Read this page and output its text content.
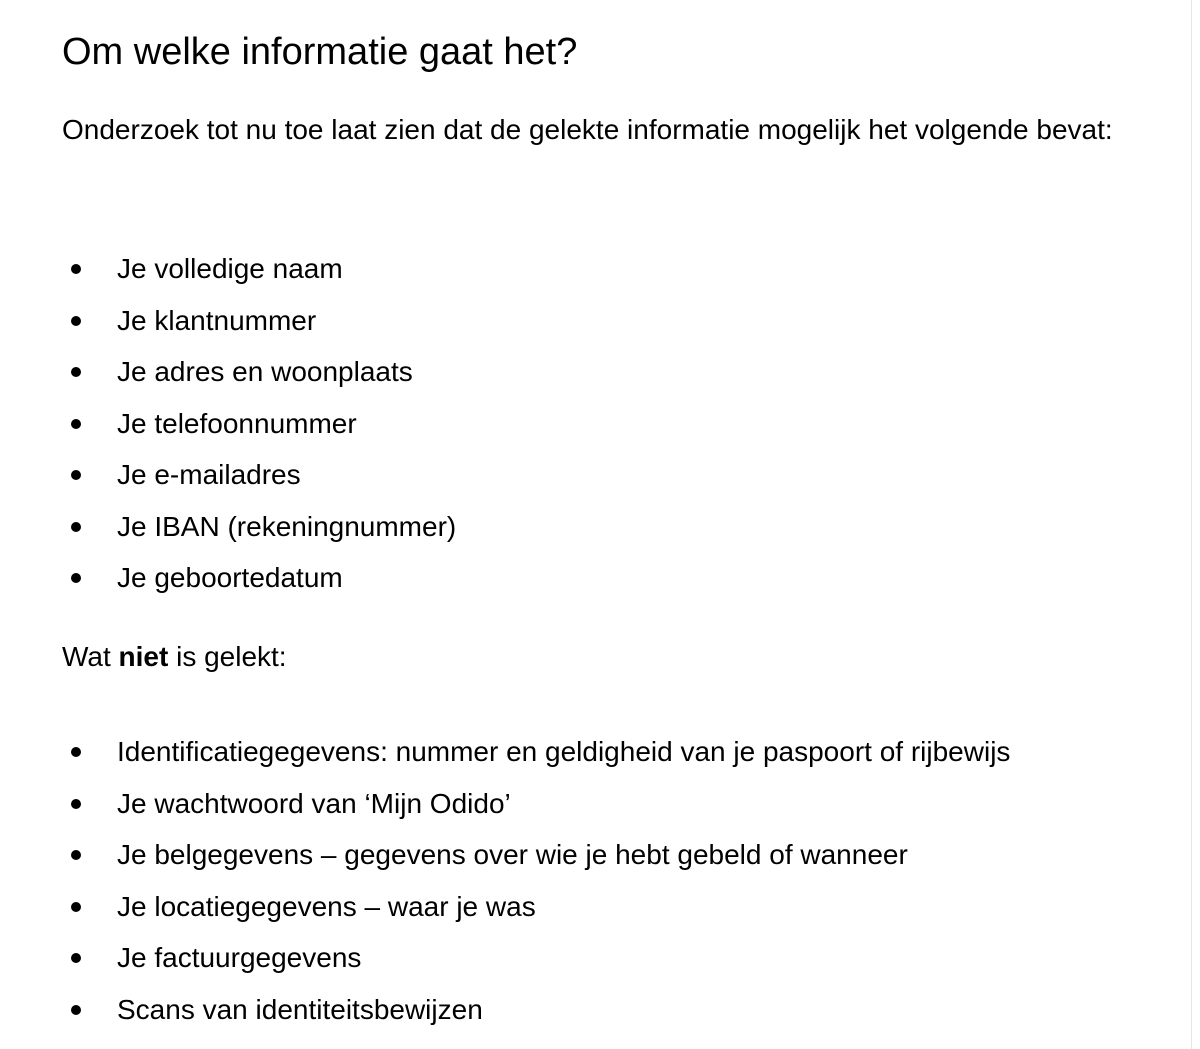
Om welke informatie gaat het?

Onderzoek tot nu toe laat zien dat de gelekte informatie mogelijk het volgende bevat:

Je volledige naam
Je klantnummer
Je adres en woonplaats
Je telefoonnummer
Je e-mailadres
Je IBAN (rekeningnummer)
Je geboortedatum

Wat niet is gelekt:

Identificatiegegevens: nummer en geldigheid van je paspoort of rijbewijs
Je wachtwoord van ‘Mijn Odido’
Je belgegevens – gegevens over wie je hebt gebeld of wanneer
Je locatiegegevens – waar je was
Je factuurgegevens
Scans van identiteitsbewijzen
